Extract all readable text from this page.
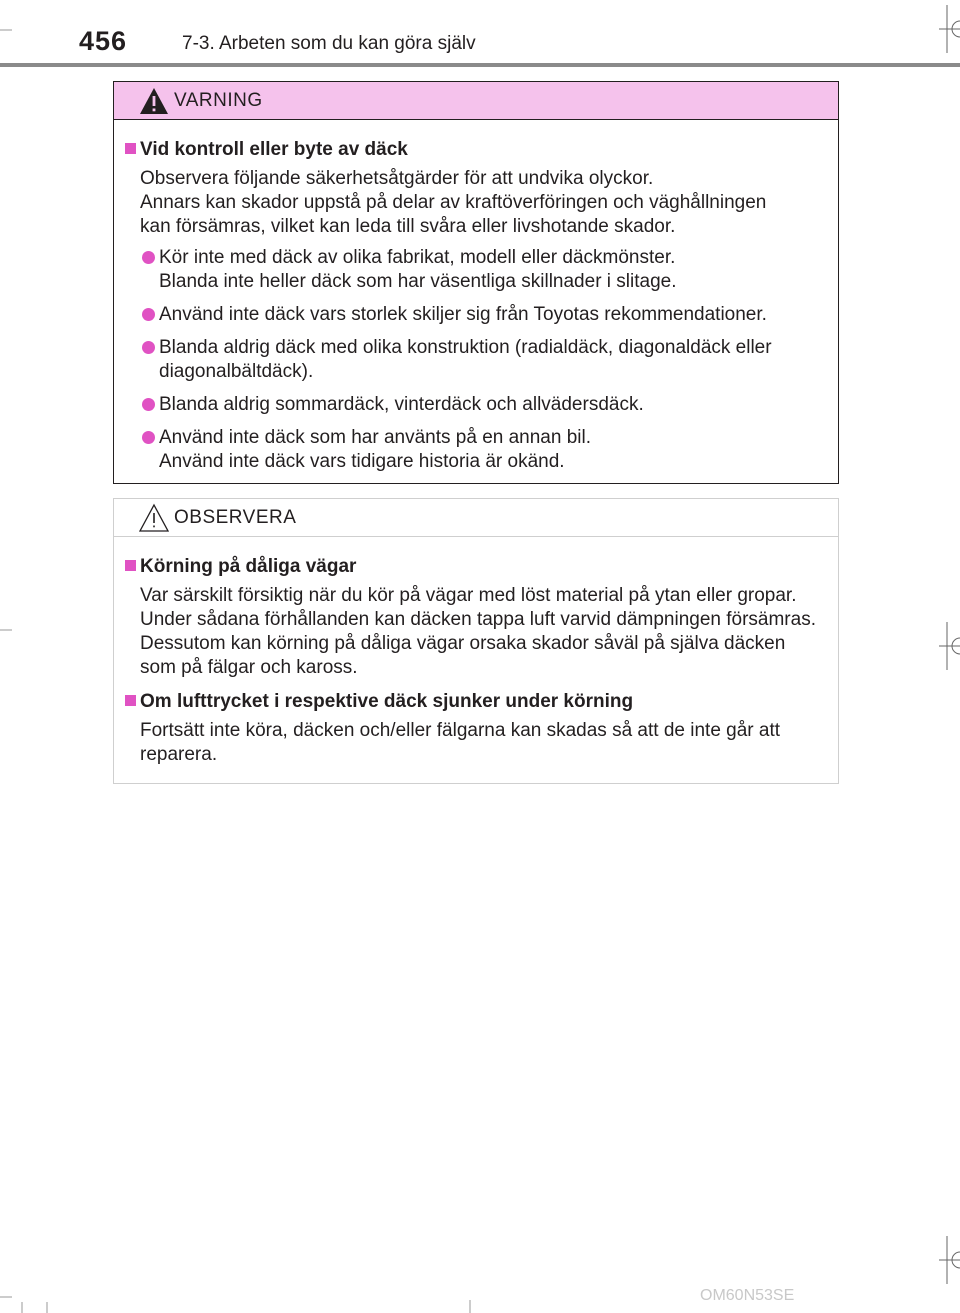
456	7-3. Arbeten som du kan göra själv
VARNING
Vid kontroll eller byte av däck
Observera följande säkerhetsåtgärder för att undvika olyckor.
Annars kan skador uppstå på delar av kraftöverföringen och väghållningen
kan försämras, vilket kan leda till svåra eller livshotande skador.
Kör inte med däck av olika fabrikat, modell eller däckmönster.
Blanda inte heller däck som har väsentliga skillnader i slitage.
Använd inte däck vars storlek skiljer sig från Toyotas rekommendationer.
Blanda aldrig däck med olika konstruktion (radialdäck, diagonaldäck eller
diagonalbältdäck).
Blanda aldrig sommardäck, vinterdäck och allvädersdäck.
Använd inte däck som har använts på en annan bil.
Använd inte däck vars tidigare historia är okänd.
OBSERVERA
Körning på dåliga vägar
Var särskilt försiktig när du kör på vägar med löst material på ytan eller gropar.
Under sådana förhållanden kan däcken tappa luft varvid dämpningen försämras.
Dessutom kan körning på dåliga vägar orsaka skador såväl på själva däcken
som på fälgar och kaross.
Om lufttrycket i respektive däck sjunker under körning
Fortsätt inte köra, däcken och/eller fälgarna kan skadas så att de inte går att
reparera.
OM60N53SE
